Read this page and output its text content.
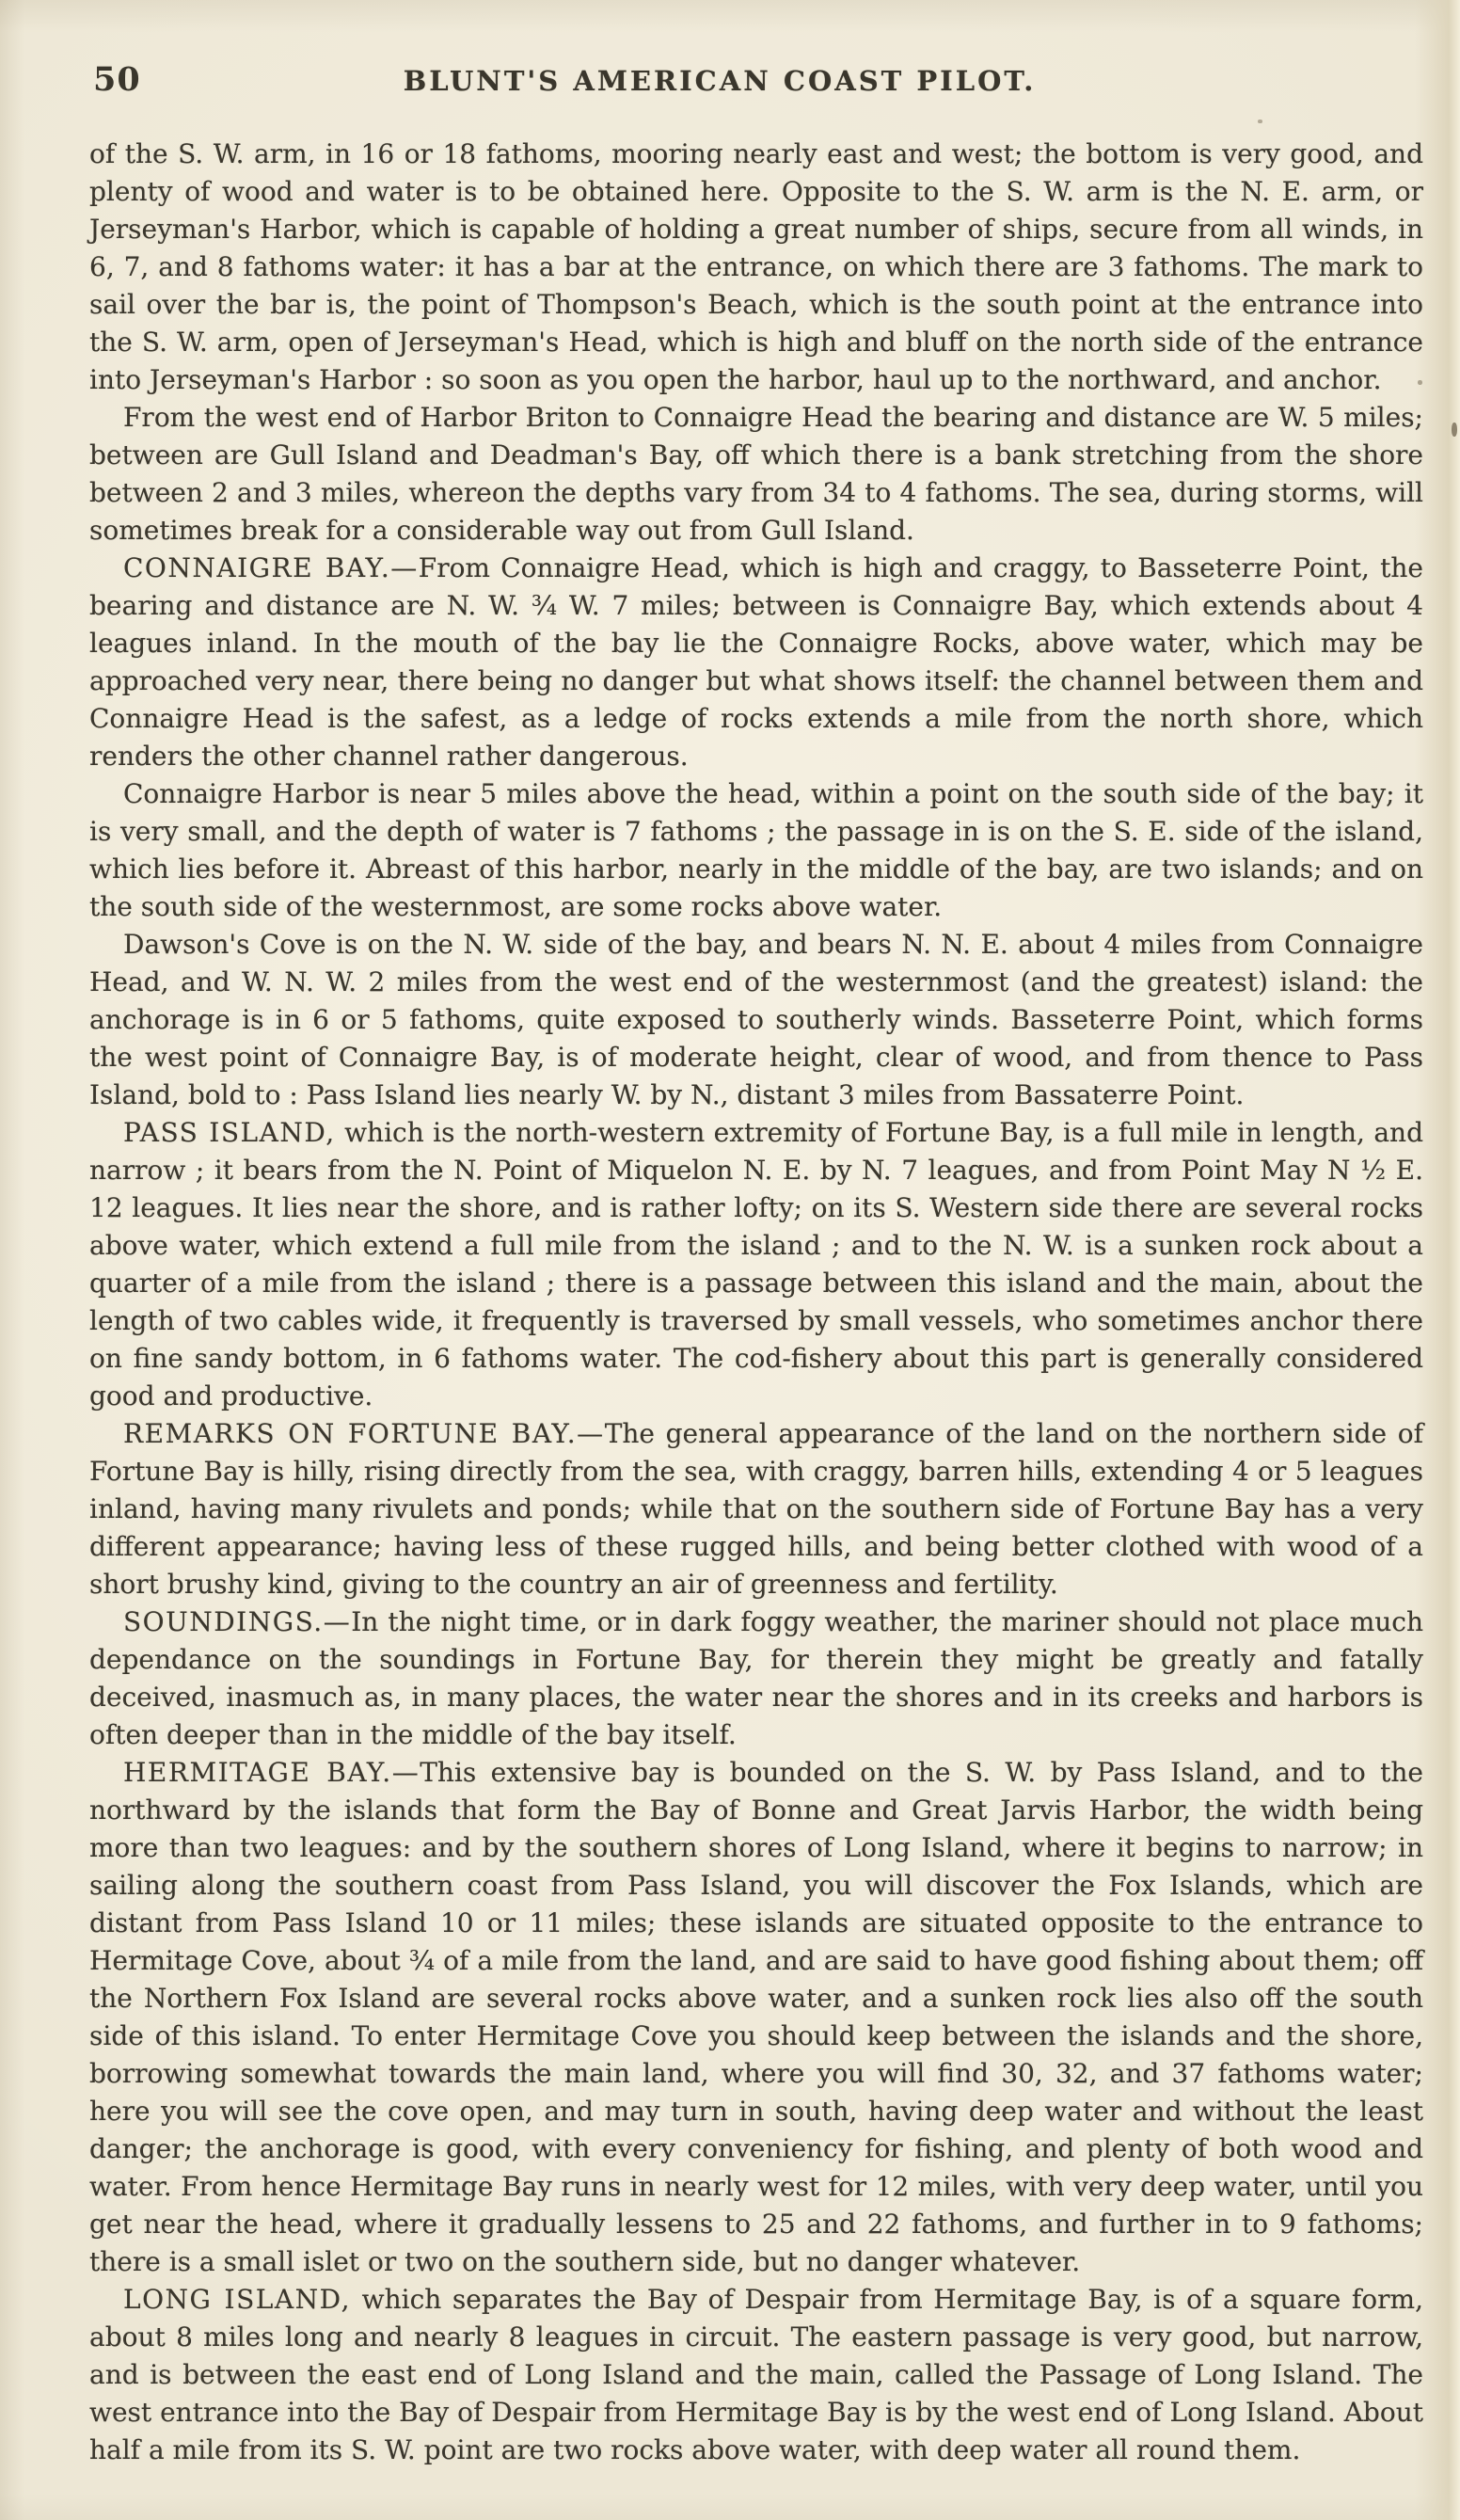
50	BLUNT'S AMERICAN COAST PILOT.

of the S. W. arm, in 16 or 18 fathoms, mooring nearly east and west; the bottom is very good, and plenty of wood and water is to be obtained here. Opposite to the S. W. arm is the N. E. arm, or Jerseyman's Harbor, which is capable of holding a great number of ships, secure from all winds, in 6, 7, and 8 fathoms water: it has a bar at the entrance, on which there are 3 fathoms. The mark to sail over the bar is, the point of Thompson's Beach, which is the south point at the entrance into the S. W. arm, open of Jerseyman's Head, which is high and bluff on the north side of the entrance into Jerseyman's Harbor : so soon as you open the harbor, haul up to the northward, and anchor.

From the west end of Harbor Briton to Connaigre Head the bearing and distance are W. 5 miles; between are Gull Island and Deadman's Bay, off which there is a bank stretching from the shore between 2 and 3 miles, whereon the depths vary from 34 to 4 fathoms. The sea, during storms, will sometimes break for a considerable way out from Gull Island.

CONNAIGRE BAY.—From Connaigre Head, which is high and craggy, to Basseterre Point, the bearing and distance are N. W. ¾ W. 7 miles; between is Connaigre Bay, which extends about 4 leagues inland. In the mouth of the bay lie the Connaigre Rocks, above water, which may be approached very near, there being no danger but what shows itself: the channel between them and Connaigre Head is the safest, as a ledge of rocks extends a mile from the north shore, which renders the other channel rather dangerous.

Connaigre Harbor is near 5 miles above the head, within a point on the south side of the bay; it is very small, and the depth of water is 7 fathoms ; the passage in is on the S. E. side of the island, which lies before it. Abreast of this harbor, nearly in the middle of the bay, are two islands; and on the south side of the westernmost, are some rocks above water.

Dawson's Cove is on the N. W. side of the bay, and bears N. N. E. about 4 miles from Connaigre Head, and W. N. W. 2 miles from the west end of the westernmost (and the greatest) island: the anchorage is in 6 or 5 fathoms, quite exposed to southerly winds. Basseterre Point, which forms the west point of Connaigre Bay, is of moderate height, clear of wood, and from thence to Pass Island, bold to : Pass Island lies nearly W. by N., distant 3 miles from Bassaterre Point.

PASS ISLAND, which is the north-western extremity of Fortune Bay, is a full mile in length, and narrow ; it bears from the N. Point of Miquelon N. E. by N. 7 leagues, and from Point May N ½ E. 12 leagues. It lies near the shore, and is rather lofty; on its S. Western side there are several rocks above water, which extend a full mile from the island ; and to the N. W. is a sunken rock about a quarter of a mile from the island ; there is a passage between this island and the main, about the length of two cables wide, it frequently is traversed by small vessels, who sometimes anchor there on fine sandy bottom, in 6 fathoms water. The cod-fishery about this part is generally considered good and productive.

REMARKS ON FORTUNE BAY.—The general appearance of the land on the northern side of Fortune Bay is hilly, rising directly from the sea, with craggy, barren hills, extending 4 or 5 leagues inland, having many rivulets and ponds; while that on the southern side of Fortune Bay has a very different appearance; having less of these rugged hills, and being better clothed with wood of a short brushy kind, giving to the country an air of greenness and fertility.

SOUNDINGS.—In the night time, or in dark foggy weather, the mariner should not place much dependance on the soundings in Fortune Bay, for therein they might be greatly and fatally deceived, inasmuch as, in many places, the water near the shores and in its creeks and harbors is often deeper than in the middle of the bay itself.

HERMITAGE BAY.—This extensive bay is bounded on the S. W. by Pass Island, and to the northward by the islands that form the Bay of Bonne and Great Jarvis Harbor, the width being more than two leagues: and by the southern shores of Long Island, where it begins to narrow; in sailing along the southern coast from Pass Island, you will discover the Fox Islands, which are distant from Pass Island 10 or 11 miles; these islands are situated opposite to the entrance to Hermitage Cove, about ¾ of a mile from the land, and are said to have good fishing about them; off the Northern Fox Island are several rocks above water, and a sunken rock lies also off the south side of this island. To enter Hermitage Cove you should keep between the islands and the shore, borrowing somewhat towards the main land, where you will find 30, 32, and 37 fathoms water; here you will see the cove open, and may turn in south, having deep water and without the least danger; the anchorage is good, with every conveniency for fishing, and plenty of both wood and water. From hence Hermitage Bay runs in nearly west for 12 miles, with very deep water, until you get near the head, where it gradually lessens to 25 and 22 fathoms, and further in to 9 fathoms; there is a small islet or two on the southern side, but no danger whatever.

LONG ISLAND, which separates the Bay of Despair from Hermitage Bay, is of a square form, about 8 miles long and nearly 8 leagues in circuit. The eastern passage is very good, but narrow, and is between the east end of Long Island and the main, called the Passage of Long Island. The west entrance into the Bay of Despair from Hermitage Bay is by the west end of Long Island. About half a mile from its S. W. point are two rocks above water, with deep water all round them.
